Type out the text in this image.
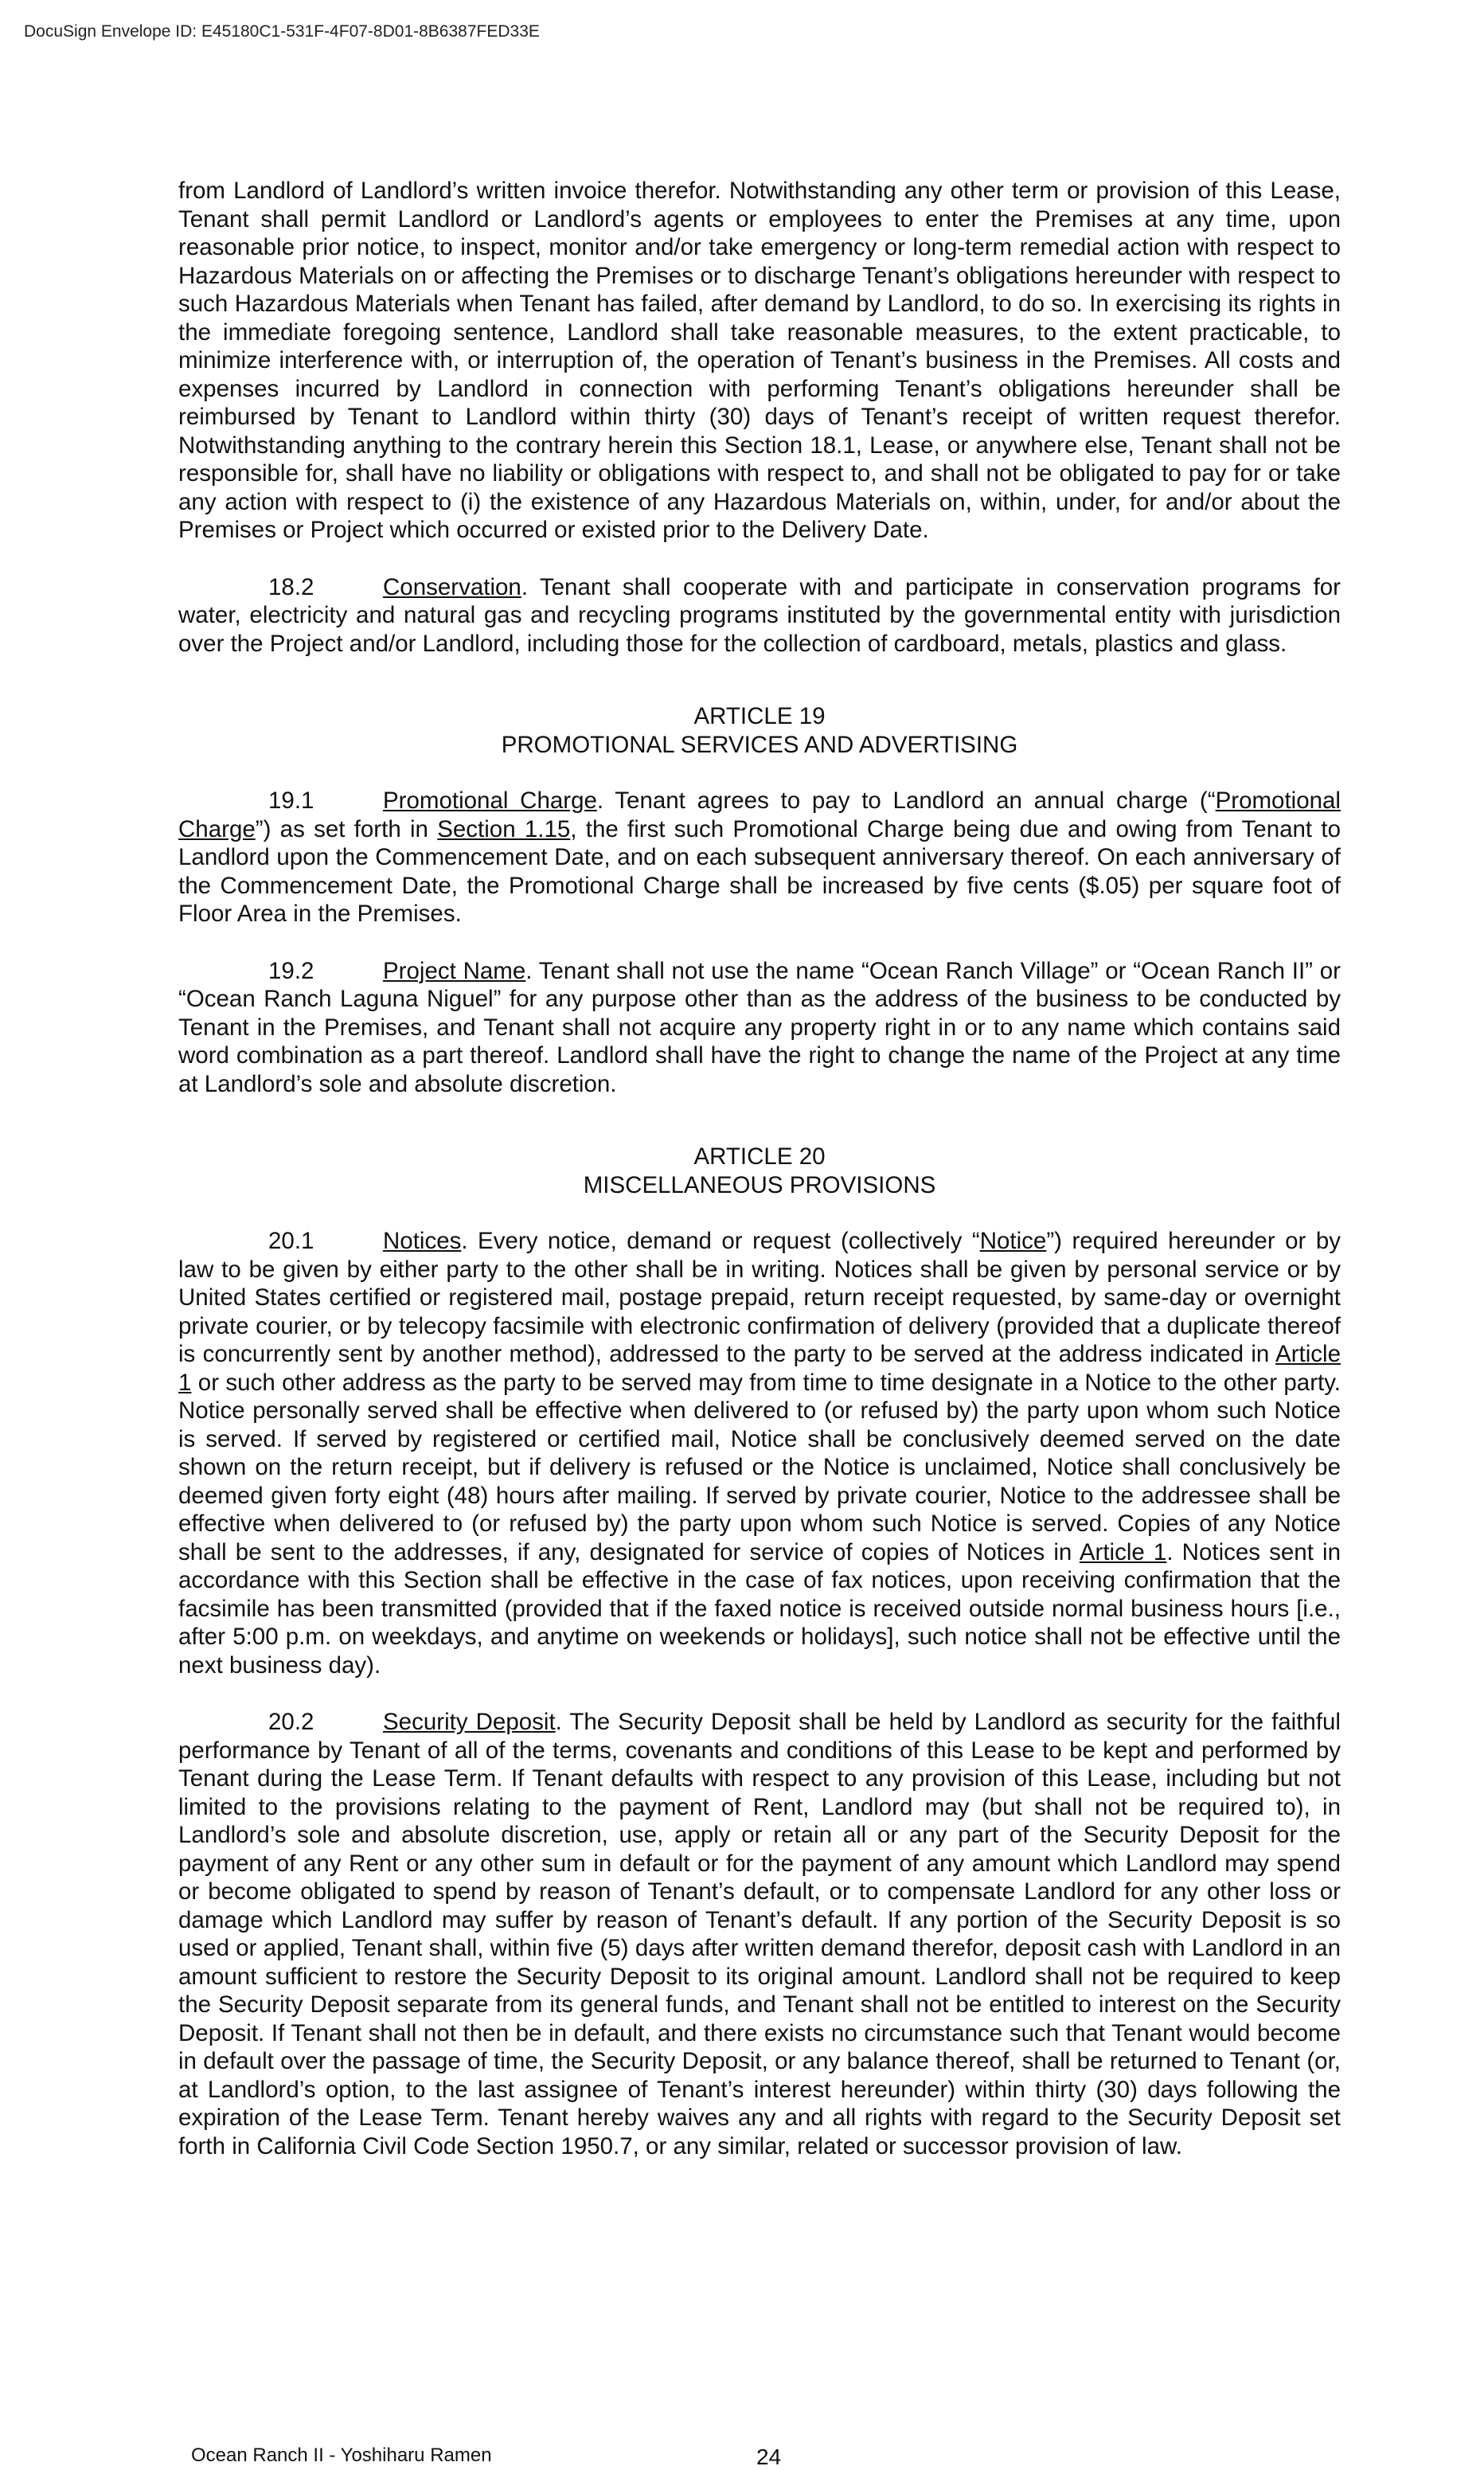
DocuSign Envelope ID: E45180C1-531F-4F07-8D01-8B6387FED33E

from Landlord of Landlord’s written invoice therefor. Notwithstanding any other term or provision of this Lease, Tenant shall permit Landlord or Landlord’s agents or employees to enter the Premises at any time, upon reasonable prior notice, to inspect, monitor and/or take emergency or long-term remedial action with respect to Hazardous Materials on or affecting the Premises or to discharge Tenant’s obligations hereunder with respect to such Hazardous Materials when Tenant has failed, after demand by Landlord, to do so. In exercising its rights in the immediate foregoing sentence, Landlord shall take reasonable measures, to the extent practicable, to minimize interference with, or interruption of, the operation of Tenant’s business in the Premises. All costs and expenses incurred by Landlord in connection with performing Tenant’s obligations hereunder shall be reimbursed by Tenant to Landlord within thirty (30) days of Tenant’s receipt of written request therefor. Notwithstanding anything to the contrary herein this Section 18.1, Lease, or anywhere else, Tenant shall not be responsible for, shall have no liability or obligations with respect to, and shall not be obligated to pay for or take any action with respect to (i) the existence of any Hazardous Materials on, within, under, for and/or about the Premises or Project which occurred or existed prior to the Delivery Date.

18.2	Conservation. Tenant shall cooperate with and participate in conservation programs for water, electricity and natural gas and recycling programs instituted by the governmental entity with jurisdiction over the Project and/or Landlord, including those for the collection of cardboard, metals, plastics and glass.

ARTICLE 19
PROMOTIONAL SERVICES AND ADVERTISING

19.1	Promotional Charge. Tenant agrees to pay to Landlord an annual charge (“Promotional Charge”) as set forth in Section 1.15, the first such Promotional Charge being due and owing from Tenant to Landlord upon the Commencement Date, and on each subsequent anniversary thereof. On each anniversary of the Commencement Date, the Promotional Charge shall be increased by five cents ($.05) per square foot of Floor Area in the Premises.

19.2	Project Name. Tenant shall not use the name “Ocean Ranch Village” or “Ocean Ranch II” or “Ocean Ranch Laguna Niguel” for any purpose other than as the address of the business to be conducted by Tenant in the Premises, and Tenant shall not acquire any property right in or to any name which contains said word combination as a part thereof. Landlord shall have the right to change the name of the Project at any time at Landlord’s sole and absolute discretion.

ARTICLE 20
MISCELLANEOUS PROVISIONS

20.1	Notices. Every notice, demand or request (collectively “Notice”) required hereunder or by law to be given by either party to the other shall be in writing. Notices shall be given by personal service or by United States certified or registered mail, postage prepaid, return receipt requested, by same-day or overnight private courier, or by telecopy facsimile with electronic confirmation of delivery (provided that a duplicate thereof is concurrently sent by another method), addressed to the party to be served at the address indicated in Article 1 or such other address as the party to be served may from time to time designate in a Notice to the other party. Notice personally served shall be effective when delivered to (or refused by) the party upon whom such Notice is served. If served by registered or certified mail, Notice shall be conclusively deemed served on the date shown on the return receipt, but if delivery is refused or the Notice is unclaimed, Notice shall conclusively be deemed given forty eight (48) hours after mailing. If served by private courier, Notice to the addressee shall be effective when delivered to (or refused by) the party upon whom such Notice is served. Copies of any Notice shall be sent to the addresses, if any, designated for service of copies of Notices in Article 1. Notices sent in accordance with this Section shall be effective in the case of fax notices, upon receiving confirmation that the facsimile has been transmitted (provided that if the faxed notice is received outside normal business hours [i.e., after 5:00 p.m. on weekdays, and anytime on weekends or holidays], such notice shall not be effective until the next business day).

20.2	Security Deposit. The Security Deposit shall be held by Landlord as security for the faithful performance by Tenant of all of the terms, covenants and conditions of this Lease to be kept and performed by Tenant during the Lease Term. If Tenant defaults with respect to any provision of this Lease, including but not limited to the provisions relating to the payment of Rent, Landlord may (but shall not be required to), in Landlord’s sole and absolute discretion, use, apply or retain all or any part of the Security Deposit for the payment of any Rent or any other sum in default or for the payment of any amount which Landlord may spend or become obligated to spend by reason of Tenant’s default, or to compensate Landlord for any other loss or damage which Landlord may suffer by reason of Tenant’s default. If any portion of the Security Deposit is so used or applied, Tenant shall, within five (5) days after written demand therefor, deposit cash with Landlord in an amount sufficient to restore the Security Deposit to its original amount. Landlord shall not be required to keep the Security Deposit separate from its general funds, and Tenant shall not be entitled to interest on the Security Deposit. If Tenant shall not then be in default, and there exists no circumstance such that Tenant would become in default over the passage of time, the Security Deposit, or any balance thereof, shall be returned to Tenant (or, at Landlord’s option, to the last assignee of Tenant’s interest hereunder) within thirty (30) days following the expiration of the Lease Term. Tenant hereby waives any and all rights with regard to the Security Deposit set forth in California Civil Code Section 1950.7, or any similar, related or successor provision of law.

Ocean Ranch II - Yoshiharu Ramen	24
